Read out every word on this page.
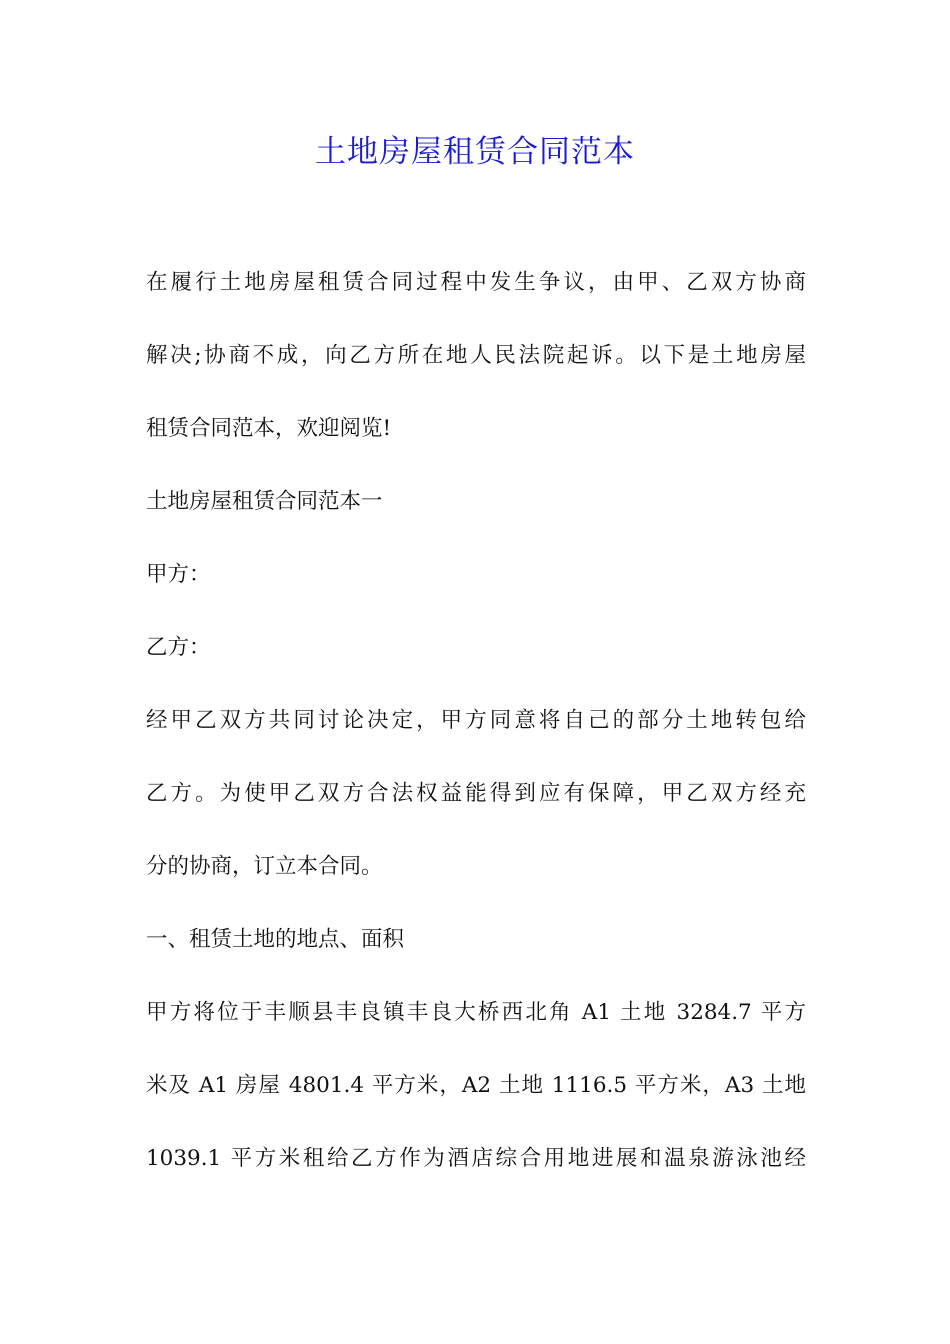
土地房屋租赁合同范本

在履行土地房屋租赁合同过程中发生争议，由甲、乙双方协商
解决;协商不成，向乙方所在地人民法院起诉。以下是土地房屋
租赁合同范本，欢迎阅览!
土地房屋租赁合同范本一
甲方：
乙方：
经甲乙双方共同讨论决定，甲方同意将自己的部分土地转包给
乙方。为使甲乙双方合法权益能得到应有保障，甲乙双方经充
分的协商，订立本合同。
一、租赁土地的地点、面积
甲方将位于丰顺县丰良镇丰良大桥西北角 A1 土地 3284.7 平方
米及 A1 房屋 4801.4 平方米，A2 土地 1116.5 平方米，A3 土地
1039.1 平方米租给乙方作为酒店综合用地进展和温泉游泳池经
